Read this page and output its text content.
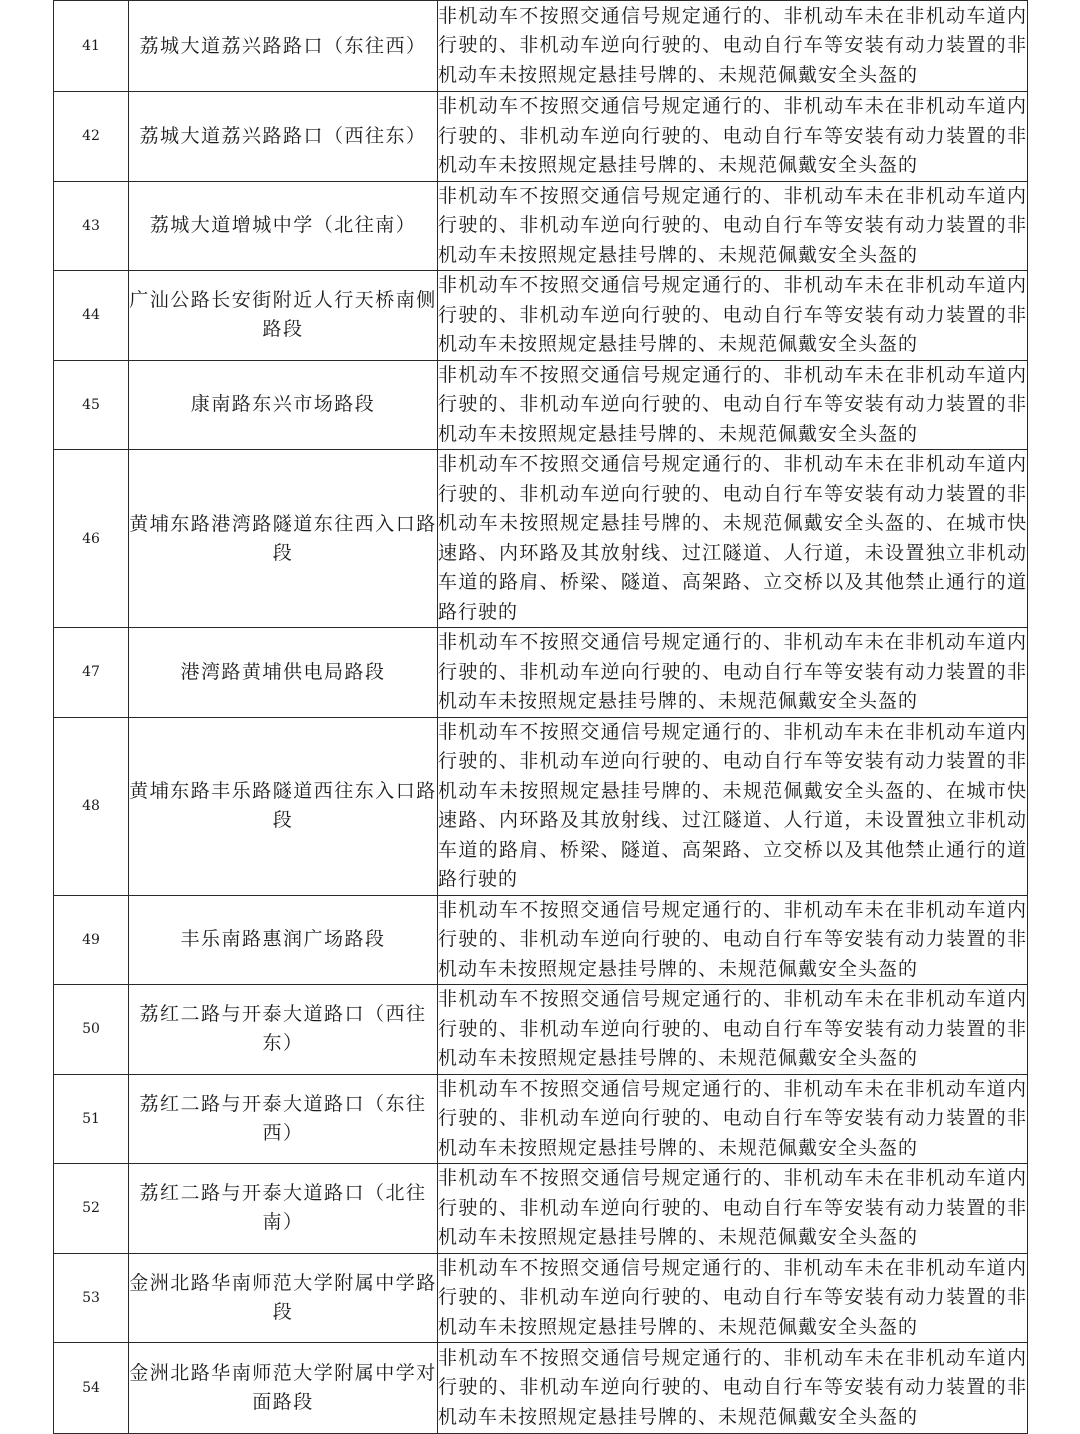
41	荔城大道荔兴路路口（东往西）	非机动车不按照交通信号规定通行的、非机动车未在非机动车道内行驶的、非机动车逆向行驶的、电动自行车等安装有动力装置的非机动车未按照规定悬挂号牌的、未规范佩戴安全头盔的
42	荔城大道荔兴路路口（西往东）	非机动车不按照交通信号规定通行的、非机动车未在非机动车道内行驶的、非机动车逆向行驶的、电动自行车等安装有动力装置的非机动车未按照规定悬挂号牌的、未规范佩戴安全头盔的
43	荔城大道增城中学（北往南）	非机动车不按照交通信号规定通行的、非机动车未在非机动车道内行驶的、非机动车逆向行驶的、电动自行车等安装有动力装置的非机动车未按照规定悬挂号牌的、未规范佩戴安全头盔的
44	广汕公路长安街附近人行天桥南侧路段	非机动车不按照交通信号规定通行的、非机动车未在非机动车道内行驶的、非机动车逆向行驶的、电动自行车等安装有动力装置的非机动车未按照规定悬挂号牌的、未规范佩戴安全头盔的
45	康南路东兴市场路段	非机动车不按照交通信号规定通行的、非机动车未在非机动车道内行驶的、非机动车逆向行驶的、电动自行车等安装有动力装置的非机动车未按照规定悬挂号牌的、未规范佩戴安全头盔的
46	黄埔东路港湾路隧道东往西入口路段	非机动车不按照交通信号规定通行的、非机动车未在非机动车道内行驶的、非机动车逆向行驶的、电动自行车等安装有动力装置的非机动车未按照规定悬挂号牌的、未规范佩戴安全头盔的、在城市快速路、内环路及其放射线、过江隧道、人行道，未设置独立非机动车道的路肩、桥梁、隧道、高架路、立交桥以及其他禁止通行的道路行驶的
47	港湾路黄埔供电局路段	非机动车不按照交通信号规定通行的、非机动车未在非机动车道内行驶的、非机动车逆向行驶的、电动自行车等安装有动力装置的非机动车未按照规定悬挂号牌的、未规范佩戴安全头盔的
48	黄埔东路丰乐路隧道西往东入口路段	非机动车不按照交通信号规定通行的、非机动车未在非机动车道内行驶的、非机动车逆向行驶的、电动自行车等安装有动力装置的非机动车未按照规定悬挂号牌的、未规范佩戴安全头盔的、在城市快速路、内环路及其放射线、过江隧道、人行道，未设置独立非机动车道的路肩、桥梁、隧道、高架路、立交桥以及其他禁止通行的道路行驶的
49	丰乐南路惠润广场路段	非机动车不按照交通信号规定通行的、非机动车未在非机动车道内行驶的、非机动车逆向行驶的、电动自行车等安装有动力装置的非机动车未按照规定悬挂号牌的、未规范佩戴安全头盔的
50	荔红二路与开泰大道路口（西往东）	非机动车不按照交通信号规定通行的、非机动车未在非机动车道内行驶的、非机动车逆向行驶的、电动自行车等安装有动力装置的非机动车未按照规定悬挂号牌的、未规范佩戴安全头盔的
51	荔红二路与开泰大道路口（东往西）	非机动车不按照交通信号规定通行的、非机动车未在非机动车道内行驶的、非机动车逆向行驶的、电动自行车等安装有动力装置的非机动车未按照规定悬挂号牌的、未规范佩戴安全头盔的
52	荔红二路与开泰大道路口（北往南）	非机动车不按照交通信号规定通行的、非机动车未在非机动车道内行驶的、非机动车逆向行驶的、电动自行车等安装有动力装置的非机动车未按照规定悬挂号牌的、未规范佩戴安全头盔的
53	金洲北路华南师范大学附属中学路段	非机动车不按照交通信号规定通行的、非机动车未在非机动车道内行驶的、非机动车逆向行驶的、电动自行车等安装有动力装置的非机动车未按照规定悬挂号牌的、未规范佩戴安全头盔的
54	金洲北路华南师范大学附属中学对面路段	非机动车不按照交通信号规定通行的、非机动车未在非机动车道内行驶的、非机动车逆向行驶的、电动自行车等安装有动力装置的非机动车未按照规定悬挂号牌的、未规范佩戴安全头盔的
